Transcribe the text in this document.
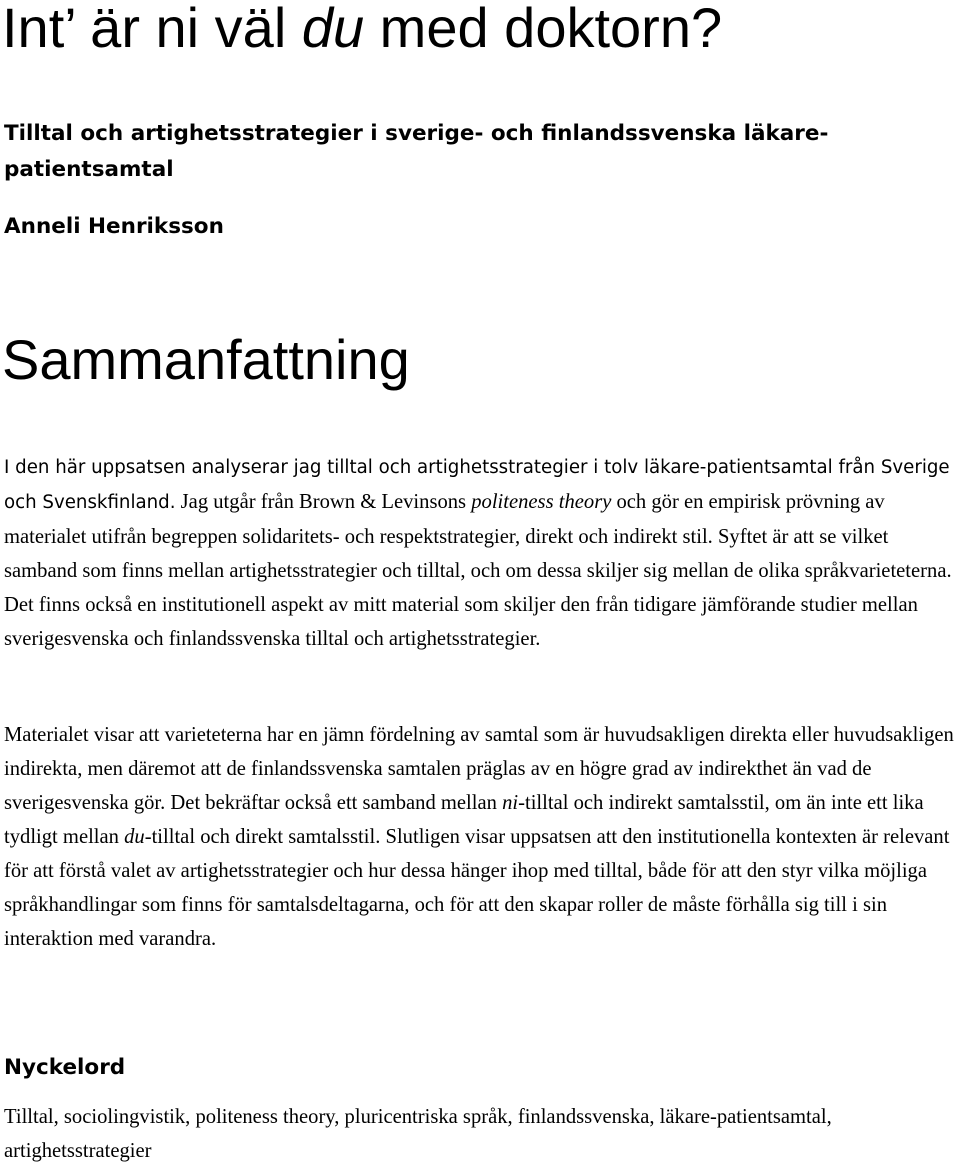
Int’ är ni väl du med doktorn?
Tilltal och artighetsstrategier i sverige- och finlandssvenska läkare-patientsamtal
Anneli Henriksson
Sammanfattning

I den här uppsatsen analyserar jag tilltal och artighetsstrategier i tolv läkare-patientsamtal från Sverige och Svenskfinland. Jag utgår från Brown & Levinsons politeness theory och gör en empirisk prövning av materialet utifrån begreppen solidaritets- och respektstrategier, direkt och indirekt stil. Syftet är att se vilket samband som finns mellan artighetsstrategier och tilltal, och om dessa skiljer sig mellan de olika språkvarieteterna. Det finns också en institutionell aspekt av mitt material som skiljer den från tidigare jämförande studier mellan sverigesvenska och finlandssvenska tilltal och artighetsstrategier.

Materialet visar att varieteterna har en jämn fördelning av samtal som är huvudsakligen direkta eller huvudsakligen indirekta, men däremot att de finlandssvenska samtalen präglas av en högre grad av indirekthet än vad de sverigesvenska gör. Det bekräftar också ett samband mellan ni-tilltal och indirekt samtalsstil, om än inte ett lika tydligt mellan du-tilltal och direkt samtalsstil. Slutligen visar uppsatsen att den institutionella kontexten är relevant för att förstå valet av artighetsstrategier och hur dessa hänger ihop med tilltal, både för att den styr vilka möjliga språkhandlingar som finns för samtalsdeltagarna, och för att den skapar roller de måste förhålla sig till i sin interaktion med varandra.

Nyckelord

Tilltal, sociolingvistik, politeness theory, pluricentriska språk, finlandssvenska, läkare-patientsamtal, artighetsstrategier
